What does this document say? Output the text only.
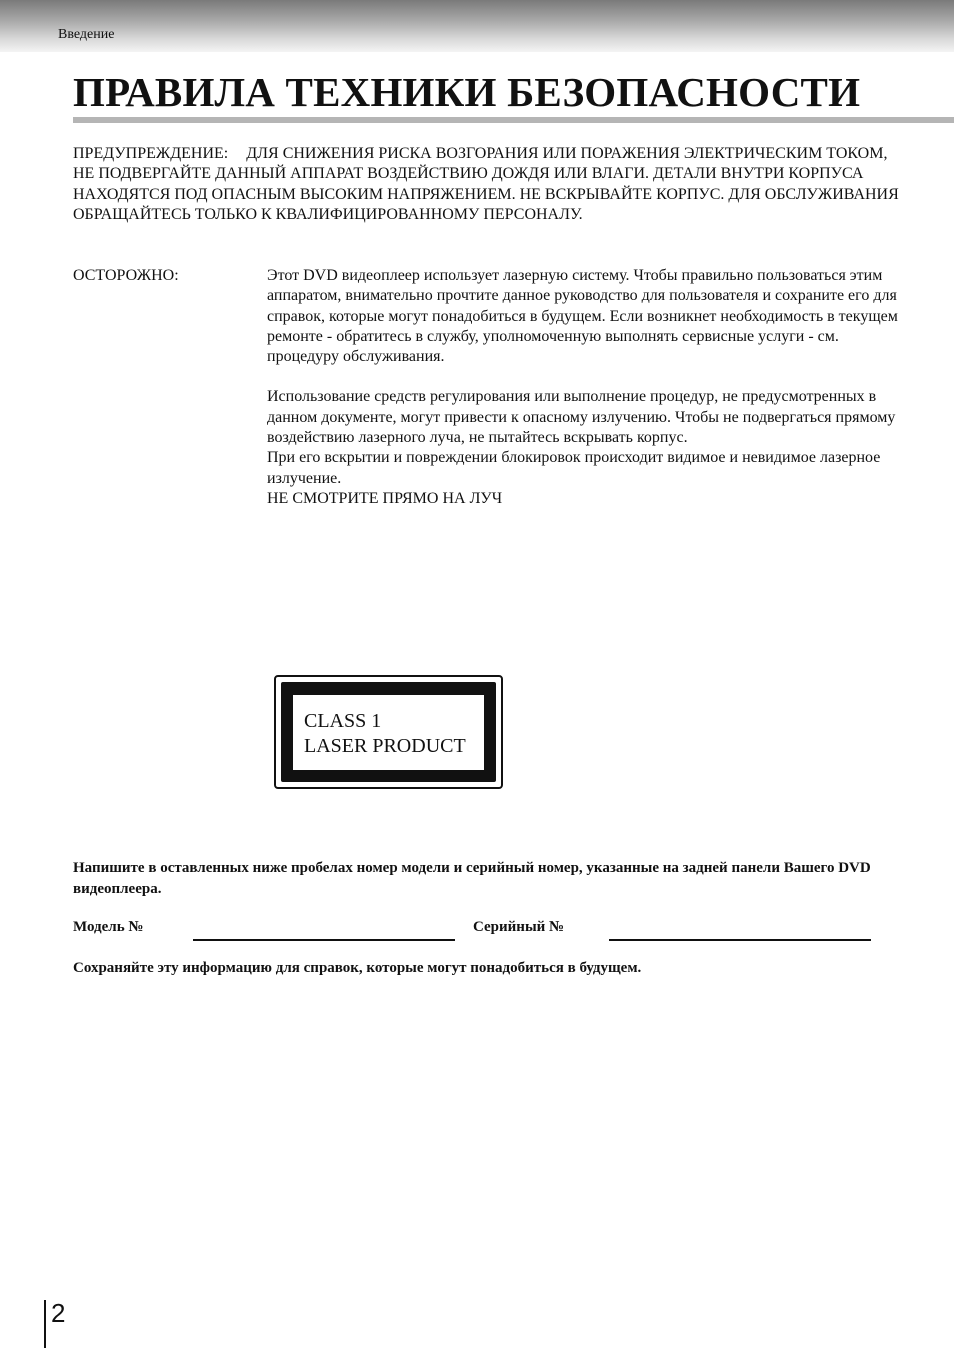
Введение
ПРАВИЛА ТЕХНИКИ БЕЗОПАСНОСТИ

ПРЕДУПРЕЖДЕНИЕ: ДЛЯ СНИЖЕНИЯ РИСКА ВОЗГОРАНИЯ ИЛИ ПОРАЖЕНИЯ ЭЛЕКТРИЧЕСКИМ ТОКОМ, НЕ ПОДВЕРГАЙТЕ ДАННЫЙ АППАРАТ ВОЗДЕЙСТВИЮ ДОЖДЯ ИЛИ ВЛАГИ. ДЕТАЛИ ВНУТРИ КОРПУСА НАХОДЯТСЯ ПОД ОПАСНЫМ ВЫСОКИМ НАПРЯЖЕНИЕМ. НЕ ВСКРЫВАЙТЕ КОРПУС. ДЛЯ ОБСЛУЖИВАНИЯ ОБРАЩАЙТЕСЬ ТОЛЬКО К КВАЛИФИЦИРОВАННОМУ ПЕРСОНАЛУ.

ОСТОРОЖНО:	Этот DVD видеоплеер использует лазерную систему. Чтобы правильно пользоваться этим аппаратом, внимательно прочтите данное руководство для пользователя и сохраните его для справок, которые могут понадобиться в будущем. Если возникнет необходимость в текущем ремонте - обратитесь в службу, уполномоченную выполнять сервисные услуги - см. процедуру обслуживания.

Использование средств регулирования или выполнение процедур, не предусмотренных в данном документе, могут привести к опасному излучению. Чтобы не подвергаться прямому воздействию лазерного луча, не пытайтесь вскрывать корпус.

При его вскрытии и повреждении блокировок происходит видимое и невидимое лазерное излучение.

НЕ СМОТРИТЕ ПРЯМО НА ЛУЧ

CLASS 1
LASER PRODUCT

Напишите в оставленных ниже пробелах номер модели и серийный номер, указанные на задней панели Вашего DVD видеоплеера.

Модель №	Серийный №
Сохраняйте эту информацию для справок, которые могут понадобиться в будущем.
2
